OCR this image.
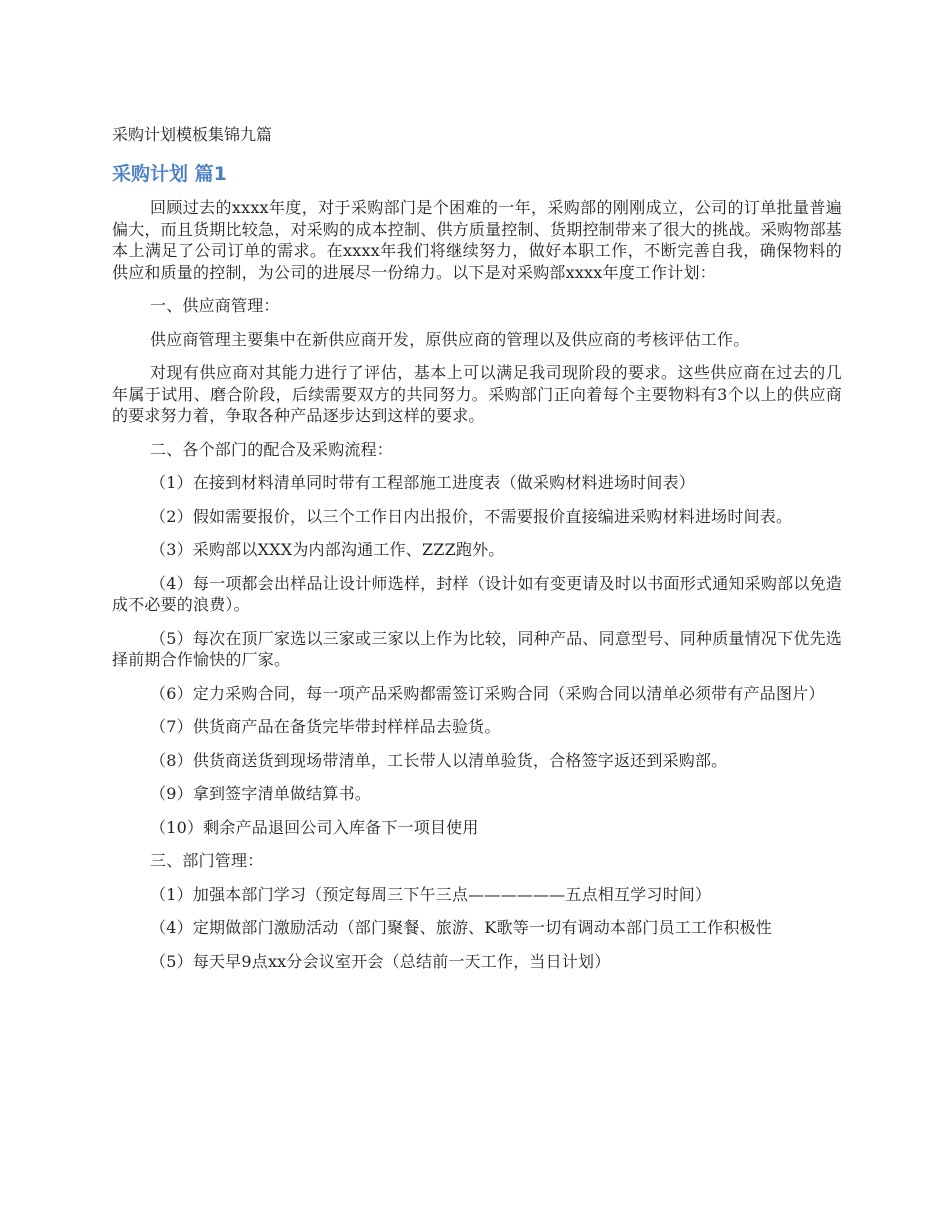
采购计划模板集锦九篇
采购计划 篇1

回顾过去的xxxx年度，对于采购部门是个困难的一年，采购部的刚刚成立，公司的订单批量普遍偏大，而且货期比较急，对采购的成本控制、供方质量控制、货期控制带来了很大的挑战。采购物部基本上满足了公司订单的需求。在xxxx年我们将继续努力，做好本职工作，不断完善自我，确保物料的供应和质量的控制，为公司的进展尽一份绵力。以下是对采购部xxxx年度工作计划：

一、供应商管理：

供应商管理主要集中在新供应商开发，原供应商的管理以及供应商的考核评估工作。

对现有供应商对其能力进行了评估，基本上可以满足我司现阶段的要求。这些供应商在过去的几年属于试用、磨合阶段，后续需要双方的共同努力。采购部门正向着每个主要物料有3个以上的供应商的要求努力着，争取各种产品逐步达到这样的要求。

二、各个部门的配合及采购流程：

（1）在接到材料清单同时带有工程部施工进度表（做采购材料进场时间表）

（2）假如需要报价，以三个工作日内出报价，不需要报价直接编进采购材料进场时间表。

（3）采购部以XXX为内部沟通工作、ZZZ跑外。

（4）每一项都会出样品让设计师选样，封样（设计如有变更请及时以书面形式通知采购部以免造成不必要的浪费）。

（5）每次在顶厂家选以三家或三家以上作为比较，同种产品、同意型号、同种质量情况下优先选择前期合作愉快的厂家。

（6）定力采购合同，每一项产品采购都需签订采购合同（采购合同以清单必须带有产品图片）

（7）供货商产品在备货完毕带封样样品去验货。

（8）供货商送货到现场带清单，工长带人以清单验货，合格签字返还到采购部。

（9）拿到签字清单做结算书。

（10）剩余产品退回公司入库备下一项目使用

三、部门管理：

（1）加强本部门学习（预定每周三下午三点——————五点相互学习时间）

（4）定期做部门激励活动（部门聚餐、旅游、K歌等一切有调动本部门员工工作积极性

（5）每天早9点xx分会议室开会（总结前一天工作，当日计划）
